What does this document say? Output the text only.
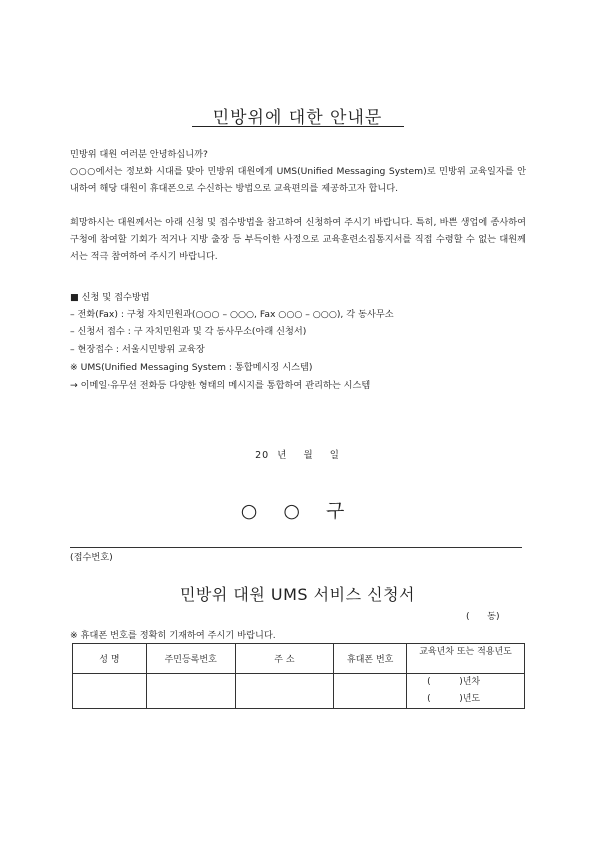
민방위에 대한 안내문
민방위 대원 여러분 안녕하십니까?
○○○에서는 정보화 시대를 맞아 민방위 대원에게 UMS(Unified Messaging System)로 민방위 교육일자를 안내하여 해당 대원이 휴대폰으로 수신하는 방법으로 교육편의를 제공하고자 합니다.
희망하시는 대원께서는 아래 신청 및 접수방법을 참고하여 신청하여 주시기 바랍니다. 특히, 바쁜 생업에 종사하여 구청에 참여할 기회가 적거나 지방 출장 등 부득이한 사정으로 교육훈련소집통지서를 직접 수령할 수 없는 대원께서는 적극 참여하여 주시기 바랍니다.
■ 신청 및 접수방법
– 전화(Fax) : 구청 자치민원과(○○○ – ○○○, Fax ○○○ – ○○○), 각 동사무소
– 신청서 접수 : 구 자치민원과 및 각 동사무소(아래 신청서)
– 현장접수 : 서울시민방위 교육장
※ UMS(Unified Messaging System : 통합메시징 시스템)
→ 이메일·유무선 전화등 다양한 형태의 메시지를 통합하여 관리하는 시스템
20  년    월    일
○ ○ 구
(접수번호)
민방위 대원 UMS 서비스 신청서
(      동)
※ 휴대폰 번호를 정확히 기재하여 주시기 바랍니다.
성 명	주민등록번호	주 소	휴대폰 번호	교육년차 또는 적용년도

				(          )년차
(          )년도
